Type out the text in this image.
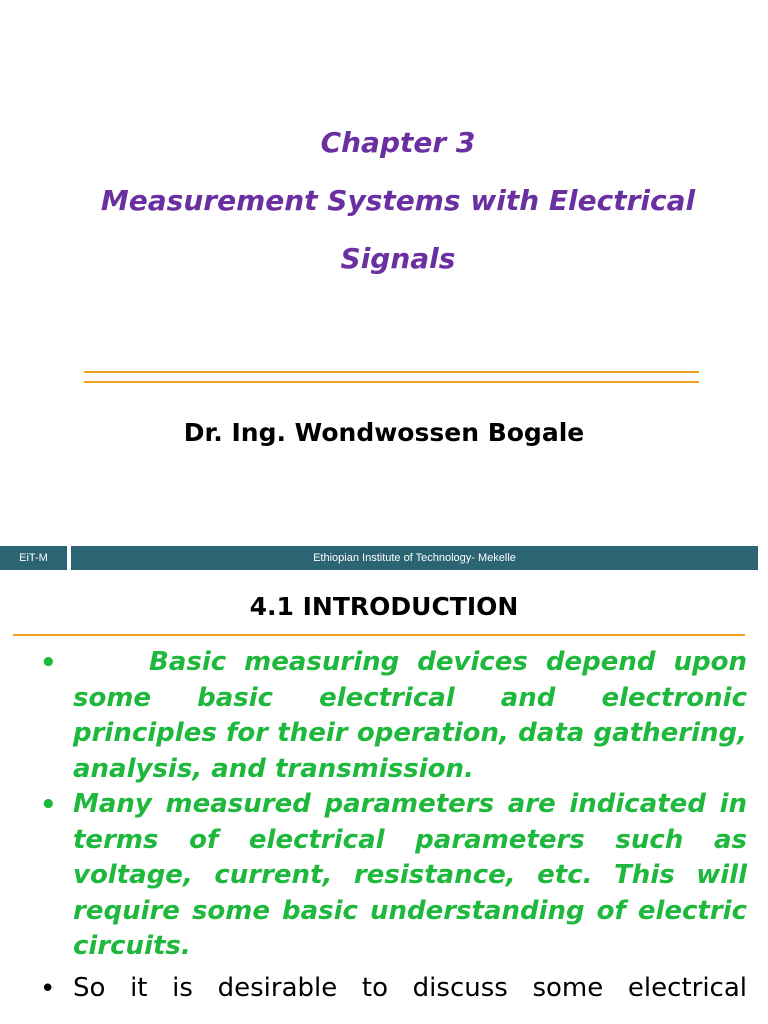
Chapter 3
Measurement Systems with Electrical
Signals
Dr. Ing. Wondwossen Bogale
EiT-M	Ethiopian Institute of Technology- Mekelle
4.1 INTRODUCTION
•	Basic measuring devices depend upon some basic electrical and electronic principles for their operation, data gathering, analysis, and transmission.
• Many measured parameters are indicated in terms of electrical parameters such as voltage, current, resistance, etc. This will require some basic understanding of electric circuits.
• So it is desirable to discuss some electrical
